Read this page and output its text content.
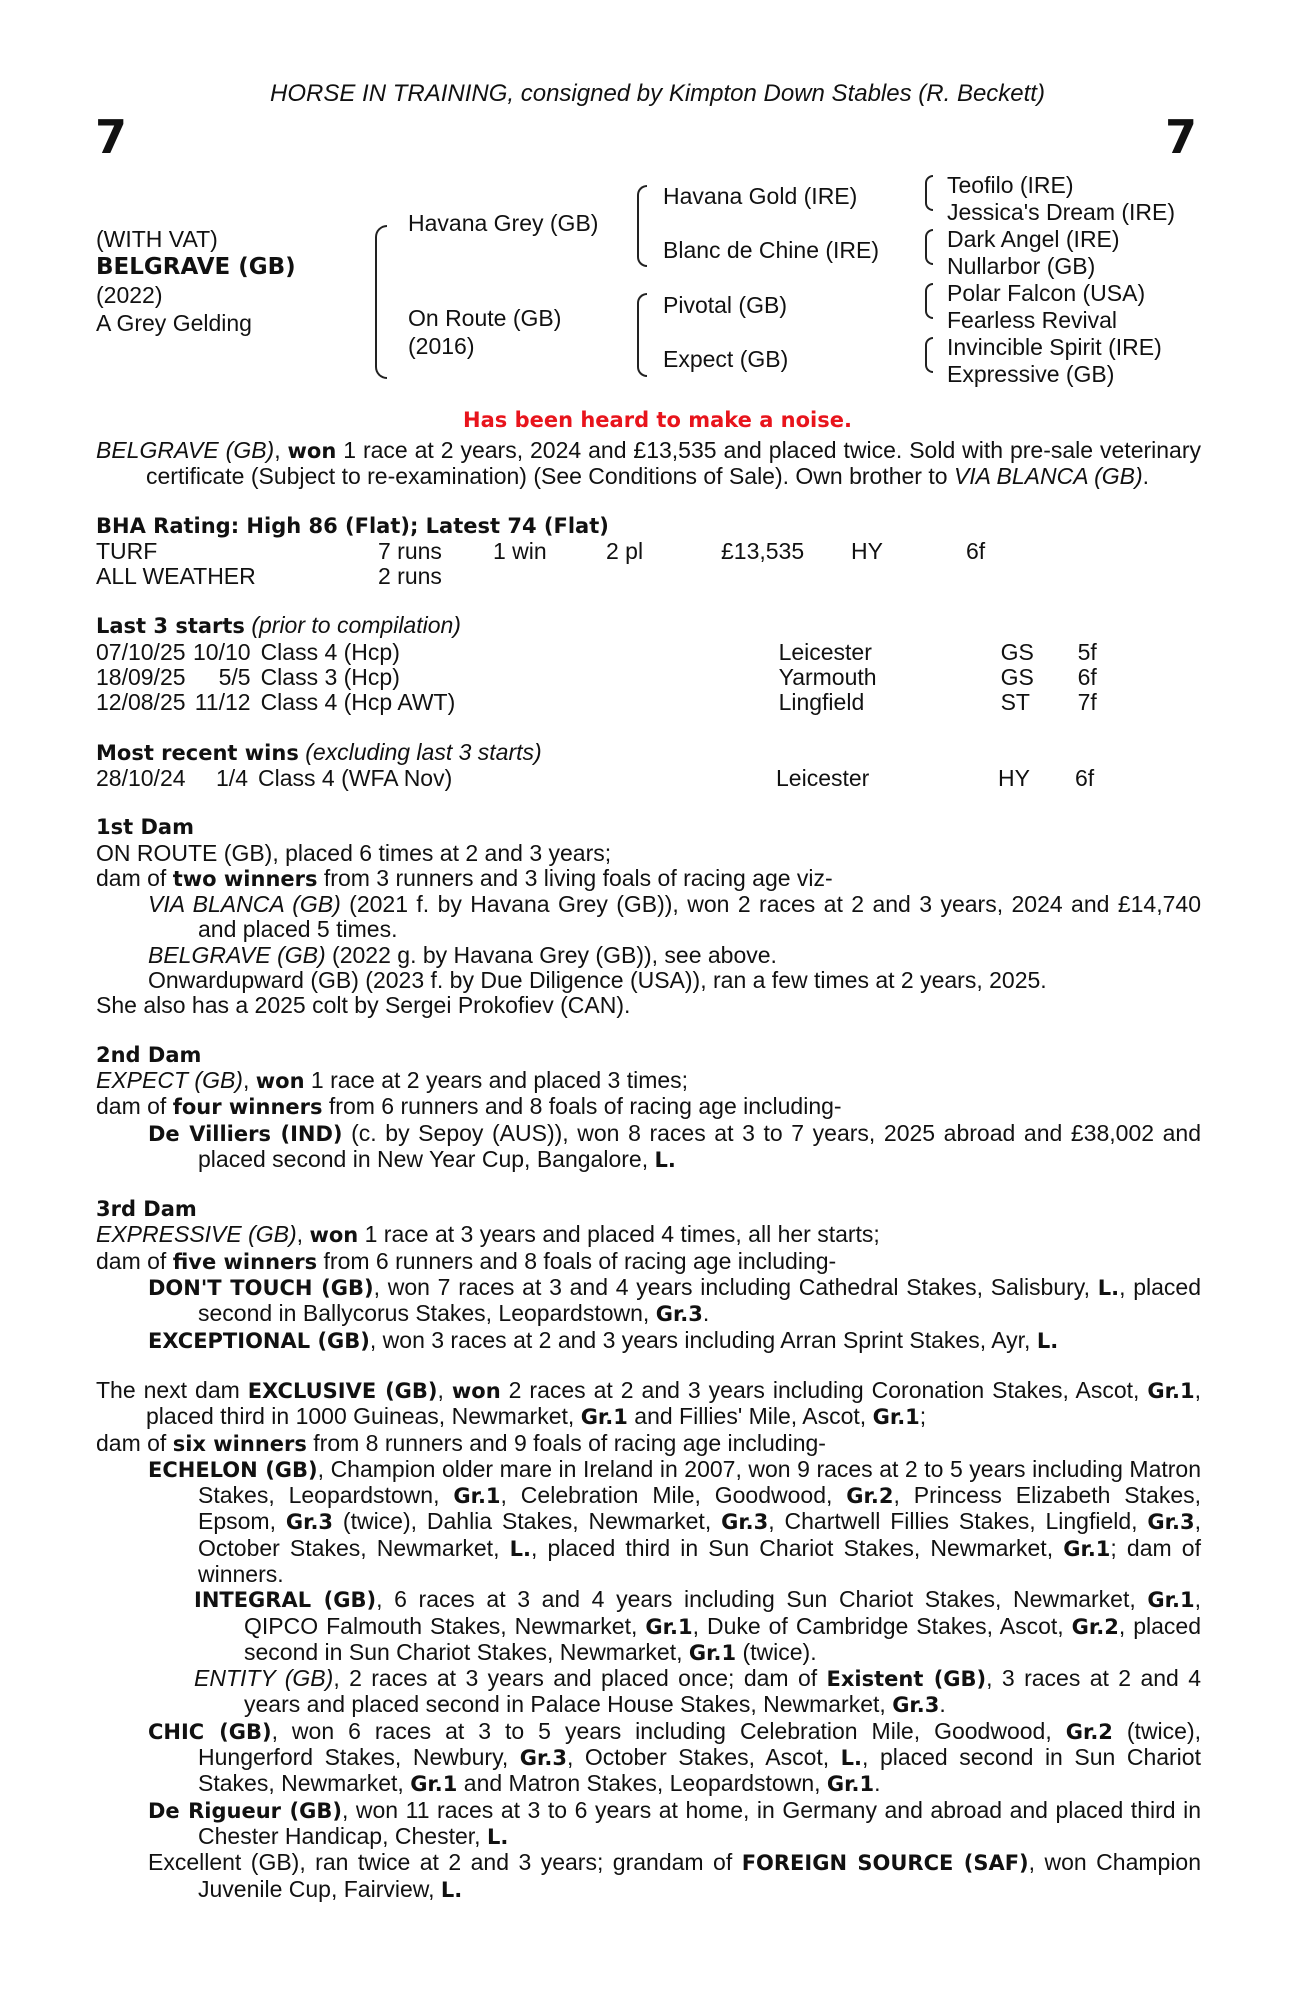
HORSE IN TRAINING, consigned by Kimpton Down Stables (R. Beckett)
7	7
(WITH VAT)
BELGRAVE (GB)
(2022)
A Grey Gelding
Havana Grey (GB)
On Route (GB)
(2016)
Havana Gold (IRE)
Blanc de Chine (IRE)
Pivotal (GB)
Expect (GB)
Teofilo (IRE)
Jessica's Dream (IRE)
Dark Angel (IRE)
Nullarbor (GB)
Polar Falcon (USA)
Fearless Revival
Invincible Spirit (IRE)
Expressive (GB)
Has been heard to make a noise.

BELGRAVE (GB), won 1 race at 2 years, 2024 and £13,535 and placed twice. Sold with pre-sale veterinary certificate (Subject to re-examination) (See Conditions of Sale). Own brother to VIA BLANCA (GB).

BHA Rating: High 86 (Flat); Latest 74 (Flat)
TURF	7 runs	1 win	2 pl	£13,535	HY	6f
ALL WEATHER	2 runs					
Last 3 starts (prior to compilation)
07/10/25	10/10	Class 4 (Hcp)	Leicester	GS	5f
18/09/25	5/5	Class 3 (Hcp)	Yarmouth	GS	6f
12/08/25	11/12	Class 4 (Hcp AWT)	Lingfield	ST	7f
Most recent wins (excluding last 3 starts)
28/10/24	1/4	Class 4 (WFA Nov)	Leicester	HY	6f
1st Dam

ON ROUTE (GB), placed 6 times at 2 and 3 years;

dam of two winners from 3 runners and 3 living foals of racing age viz-

VIA BLANCA (GB) (2021 f. by Havana Grey (GB)), won 2 races at 2 and 3 years, 2024 and £14,740 and placed 5 times.

BELGRAVE (GB) (2022 g. by Havana Grey (GB)), see above.

Onwardupward (GB) (2023 f. by Due Diligence (USA)), ran a few times at 2 years, 2025.

She also has a 2025 colt by Sergei Prokofiev (CAN).

2nd Dam

EXPECT (GB), won 1 race at 2 years and placed 3 times;

dam of four winners from 6 runners and 8 foals of racing age including-

De Villiers (IND) (c. by Sepoy (AUS)), won 8 races at 3 to 7 years, 2025 abroad and £38,002 and placed second in New Year Cup, Bangalore, L.

3rd Dam

EXPRESSIVE (GB), won 1 race at 3 years and placed 4 times, all her starts;

dam of five winners from 6 runners and 8 foals of racing age including-

DON'T TOUCH (GB), won 7 races at 3 and 4 years including Cathedral Stakes, Salisbury, L., placed second in Ballycorus Stakes, Leopardstown, Gr.3.

EXCEPTIONAL (GB), won 3 races at 2 and 3 years including Arran Sprint Stakes, Ayr, L.

The next dam EXCLUSIVE (GB), won 2 races at 2 and 3 years including Coronation Stakes, Ascot, Gr.1, placed third in 1000 Guineas, Newmarket, Gr.1 and Fillies' Mile, Ascot, Gr.1;

dam of six winners from 8 runners and 9 foals of racing age including-

ECHELON (GB), Champion older mare in Ireland in 2007, won 9 races at 2 to 5 years including Matron Stakes, Leopardstown, Gr.1, Celebration Mile, Goodwood, Gr.2, Princess Elizabeth Stakes, Epsom, Gr.3 (twice), Dahlia Stakes, Newmarket, Gr.3, Chartwell Fillies Stakes, Lingfield, Gr.3, October Stakes, Newmarket, L., placed third in Sun Chariot Stakes, Newmarket, Gr.1; dam of winners.

INTEGRAL (GB), 6 races at 3 and 4 years including Sun Chariot Stakes, Newmarket, Gr.1, QIPCO Falmouth Stakes, Newmarket, Gr.1, Duke of Cambridge Stakes, Ascot, Gr.2, placed second in Sun Chariot Stakes, Newmarket, Gr.1 (twice).

ENTITY (GB), 2 races at 3 years and placed once; dam of Existent (GB), 3 races at 2 and 4 years and placed second in Palace House Stakes, Newmarket, Gr.3.

CHIC (GB), won 6 races at 3 to 5 years including Celebration Mile, Goodwood, Gr.2 (twice), Hungerford Stakes, Newbury, Gr.3, October Stakes, Ascot, L., placed second in Sun Chariot Stakes, Newmarket, Gr.1 and Matron Stakes, Leopardstown, Gr.1.

De Rigueur (GB), won 11 races at 3 to 6 years at home, in Germany and abroad and placed third in Chester Handicap, Chester, L.

Excellent (GB), ran twice at 2 and 3 years; grandam of FOREIGN SOURCE (SAF), won Champion Juvenile Cup, Fairview, L.
